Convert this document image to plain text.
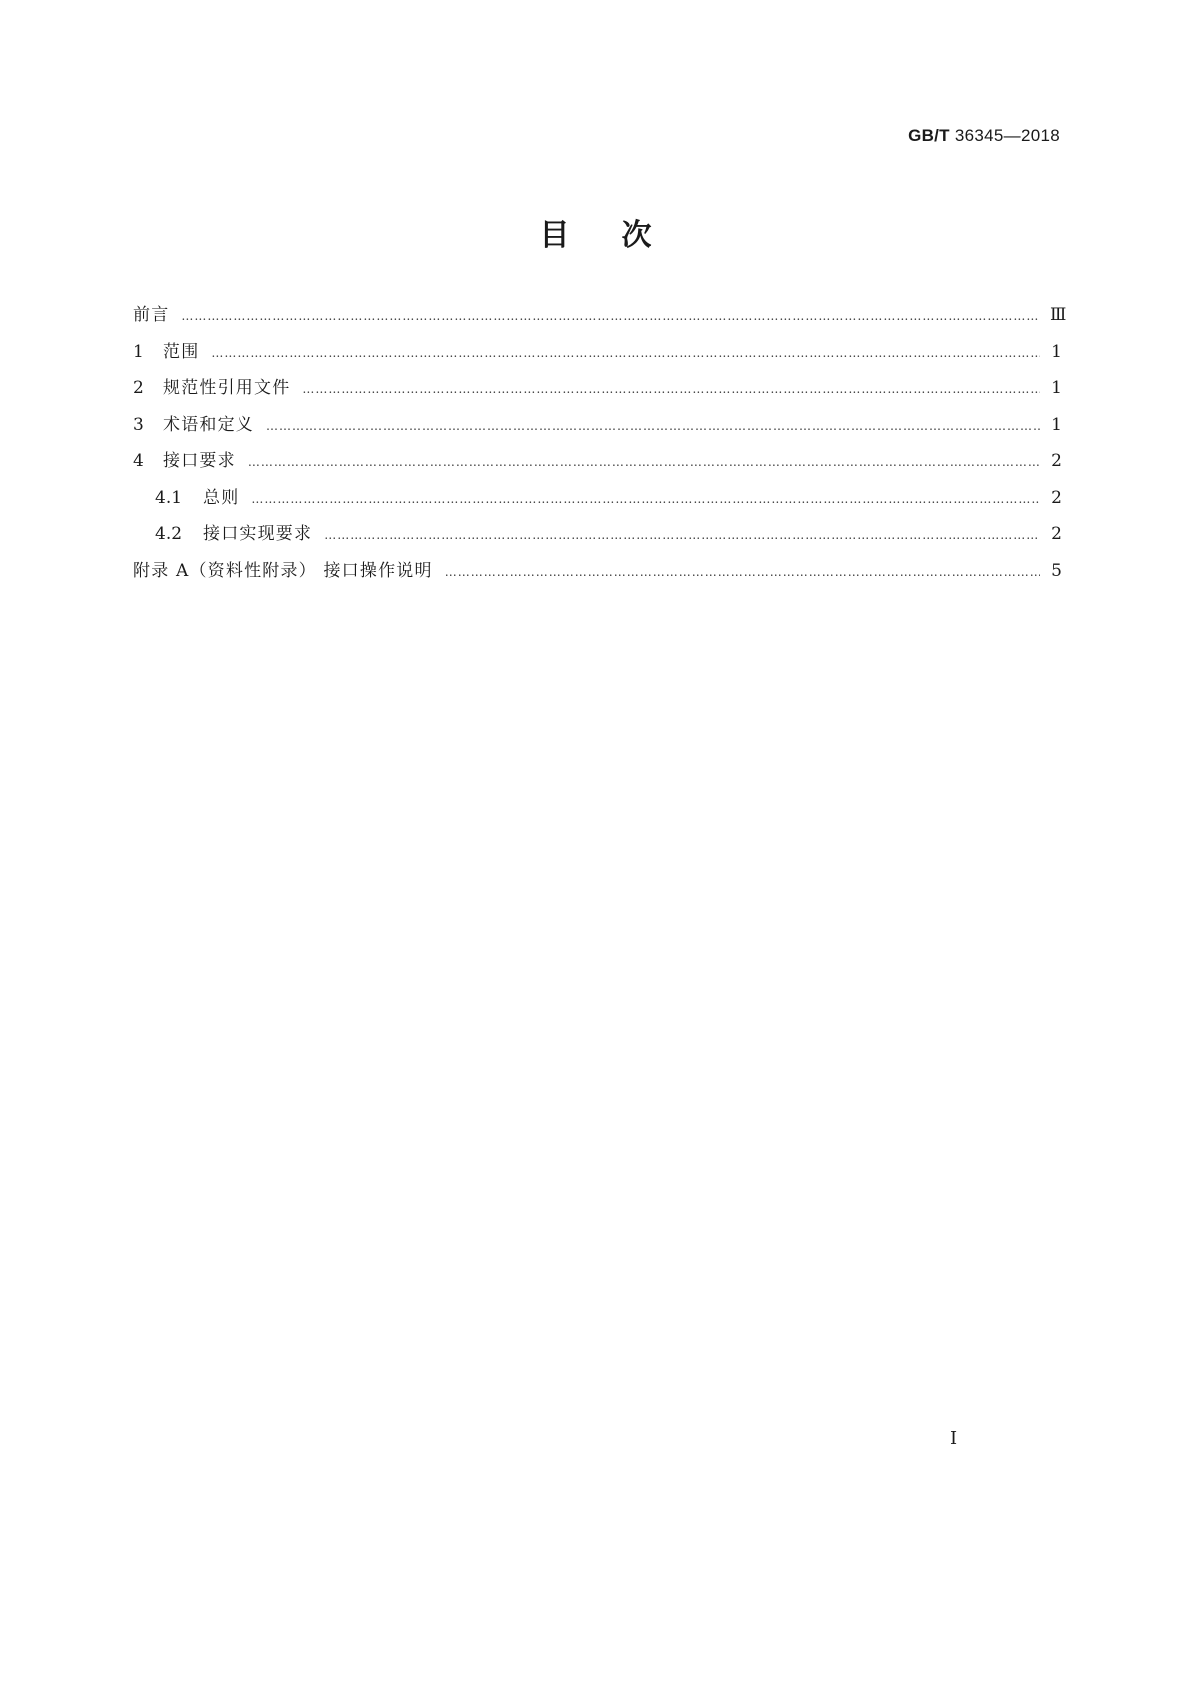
GB/T 36345—2018
目次
前言 ………………………………………………………………………………………………………………………………………………………………………………………………………………………………………………………………	Ⅲ
1	范围 ………………………………………………………………………………………………………………………………………………………………………………………………………………………………………………………………	1
2	规范性引用文件 ………………………………………………………………………………………………………………………………………………………………………………………………………………………………………………………………	1
3	术语和定义 ………………………………………………………………………………………………………………………………………………………………………………………………………………………………………………………………	1
4	接口要求 ………………………………………………………………………………………………………………………………………………………………………………………………………………………………………………………………	2
4.1	总则 ………………………………………………………………………………………………………………………………………………………………………………………………………………………………………………………………	2
4.2	接口实现要求 ………………………………………………………………………………………………………………………………………………………………………………………………………………………………………………………………	2
附录 A（资料性附录） 接口操作说明 ………………………………………………………………………………………………………………………………………………………………………………………………………………………………………………………………	5
Ⅰ
